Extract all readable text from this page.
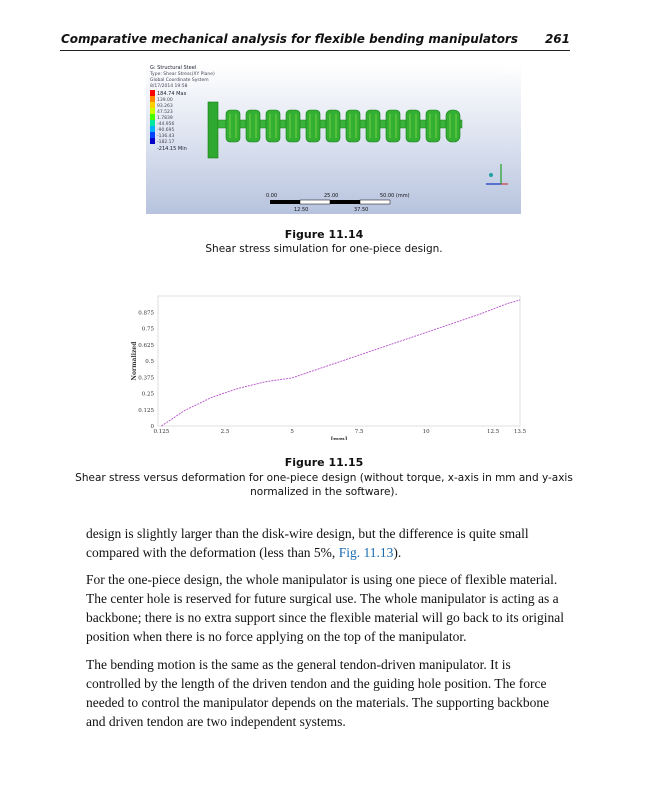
Comparative mechanical analysis for flexible bending manipulators 261
G: Structural Steel
Type: Shear Stress(XY Plane)
Global Coordinate System
8/17/2014 19:58
184.74 Max
139.00
93.263
47.523
1.7839
-44.956
-90.695
-136.43
-182.17
-214.15 Min
ANSYS
0.00	25.00	50.00 (mm)
12.50	37.50
Figure 11.14
Shear stress simulation for one-piece design.
0
0.125
0.25
0.375
0.5
0.625
0.75
0.875
0.125	2.5	5	7.5	10	12.5	13.5
[mm]
Normalized
Figure 11.15
Shear stress versus deformation for one-piece design (without torque, x-axis in mm and y-axis normalized in the software).

design is slightly larger than the disk-wire design, but the difference is quite small compared with the deformation (less than 5%, Fig. 11.13).

For the one-piece design, the whole manipulator is using one piece of flexible material. The center hole is reserved for future surgical use. The whole manipulator is acting as a backbone; there is no extra support since the flexible material will go back to its original position when there is no force applying on the top of the manipulator.

The bending motion is the same as the general tendon-driven manipulator. It is controlled by the length of the driven tendon and the guiding hole position. The force needed to control the manipulator depends on the materials. The supporting backbone and driven tendon are two independent systems.
